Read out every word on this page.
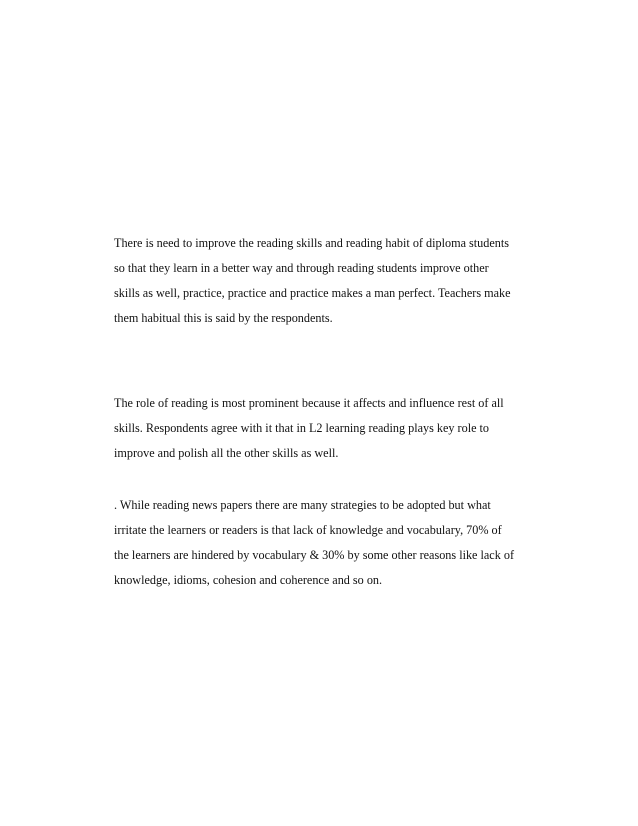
There is need to improve the reading skills and reading habit of diploma students
so that they learn in a better way and through reading students improve other
skills as well, practice, practice and practice makes a man perfect. Teachers make
them habitual this is said by the respondents.
The role of reading is most prominent because it affects and influence rest of all
skills. Respondents agree with it that in L2 learning reading plays key role to
improve and polish all the other skills as well.
. While reading news papers there are many strategies to be adopted but what
irritate the learners or readers is that lack of knowledge and vocabulary, 70% of
the learners are hindered by vocabulary & 30% by some other reasons like lack of
knowledge, idioms, cohesion and coherence and so on.
